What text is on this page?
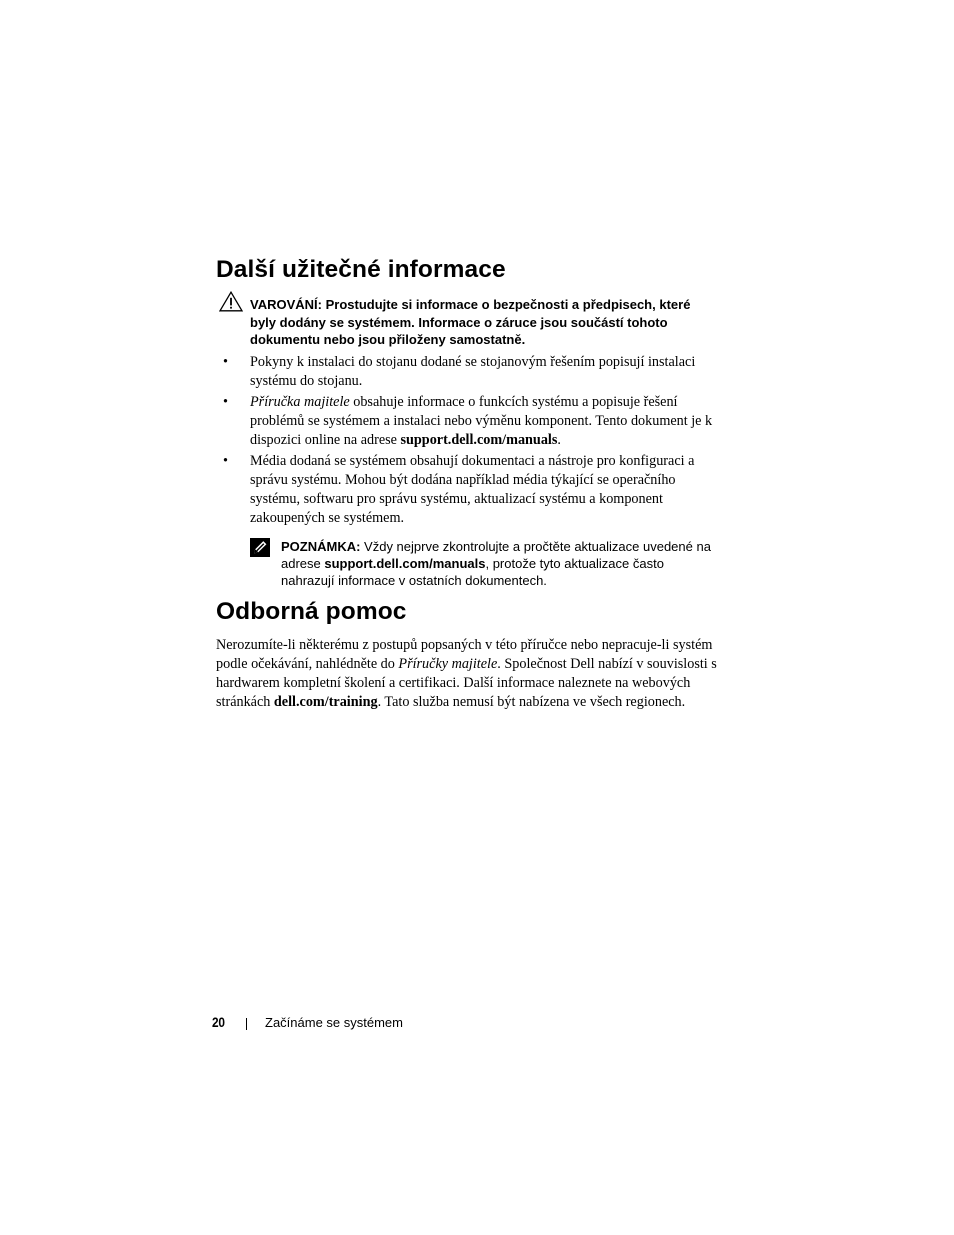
Další užitečné informace
VAROVÁNÍ: Prostudujte si informace o bezpečnosti a předpisech, které byly dodány se systémem. Informace o záruce jsou součástí tohoto dokumentu nebo jsou přiloženy samostatně.
• Pokyny k instalaci do stojanu dodané se stojanovým řešením popisují instalaci systému do stojanu.
• Příručka majitele obsahuje informace o funkcích systému a popisuje řešení problémů se systémem a instalaci nebo výměnu komponent. Tento dokument je k dispozici online na adrese support.dell.com/manuals.
• Média dodaná se systémem obsahují dokumentaci a nástroje pro konfiguraci a správu systému. Mohou být dodána například média týkající se operačního systému, softwaru pro správu systému, aktualizací systému a komponent zakoupených se systémem.
POZNÁMKA: Vždy nejprve zkontrolujte a pročtěte aktualizace uvedené na adrese support.dell.com/manuals, protože tyto aktualizace často nahrazují informace v ostatních dokumentech.
Odborná pomoc

Nerozumíte-li některému z postupů popsaných v této příručce nebo nepracuje-li systém podle očekávání, nahlédněte do Příručky majitele. Společnost Dell nabízí v souvislosti s hardwarem kompletní školení a certifikaci. Další informace naleznete na webových stránkách dell.com/training. Tato služba nemusí být nabízena ve všech regionech.

20	Začínáme se systémem
